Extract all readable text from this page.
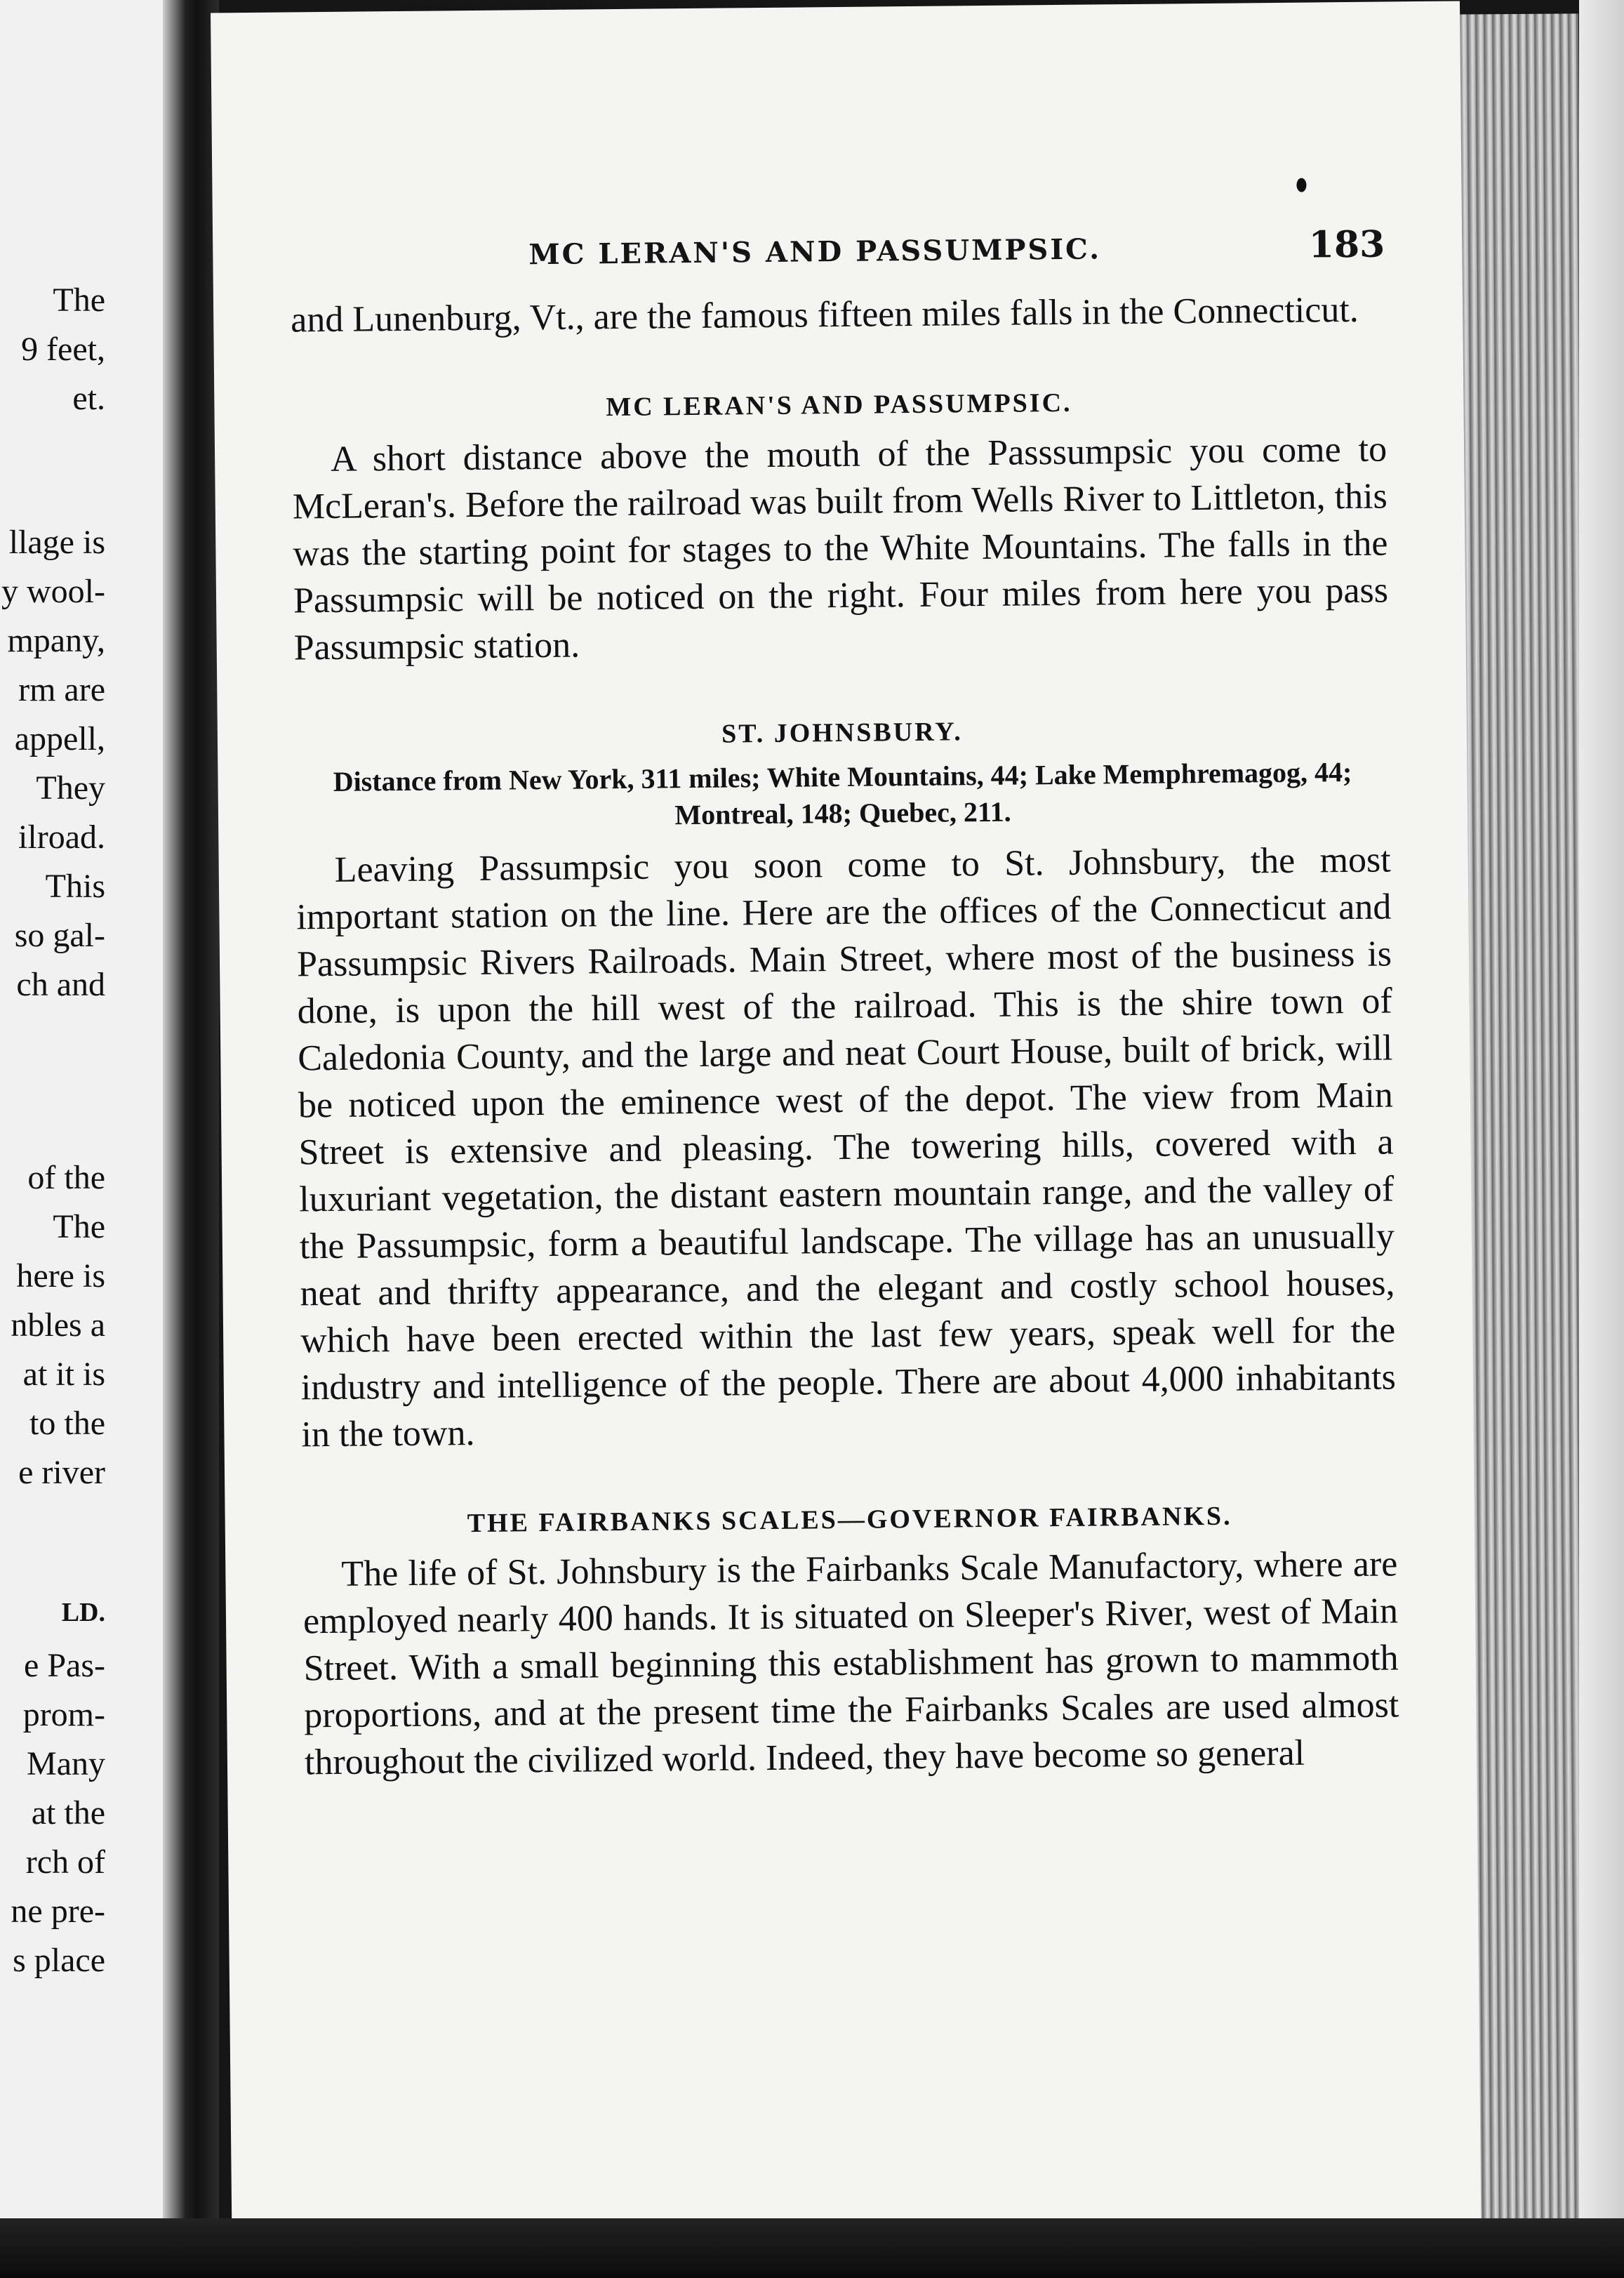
The
9 feet,
et.
llage is
y wool-
mpany,
rm are
appell,
They
ilroad.
This
so gal-
ch and
of the
The
here is
nbles a
at it is
to the
e river
LD.
e Pas-
prom-
Many
at the
rch of
ne pre-
s place
MC LERAN'S AND PASSUMPSIC.	183

and Lunenburg, Vt., are the famous fifteen miles falls in the Connecticut.

MC LERAN'S AND PASSUMPSIC.

A short distance above the mouth of the Passsumpsic you come to McLeran's. Before the railroad was built from Wells River to Littleton, this was the starting point for stages to the White Mountains. The falls in the Passumpsic will be noticed on the right. Four miles from here you pass Passumpsic station.

ST. JOHNSBURY.
Distance from New York, 311 miles; White Mountains, 44; Lake Memphremagog, 44; Montreal, 148; Quebec, 211.

Leaving Passumpsic you soon come to St. Johnsbury, the most important station on the line. Here are the offices of the Connecticut and Passumpsic Rivers Railroads. Main Street, where most of the business is done, is upon the hill west of the railroad. This is the shire town of Caledonia County, and the large and neat Court House, built of brick, will be noticed upon the eminence west of the depot. The view from Main Street is extensive and pleasing. The towering hills, covered with a luxuriant vegetation, the distant eastern mountain range, and the valley of the Passumpsic, form a beautiful landscape. The village has an unusually neat and thrifty appearance, and the elegant and costly school houses, which have been erected within the last few years, speak well for the industry and intelligence of the people. There are about 4,000 inhabitants in the town.

THE FAIRBANKS SCALES—GOVERNOR FAIRBANKS.

The life of St. Johnsbury is the Fairbanks Scale Manufactory, where are employed nearly 400 hands. It is situated on Sleeper's River, west of Main Street. With a small beginning this establishment has grown to mammoth proportions, and at the present time the Fairbanks Scales are used almost throughout the civilized world. Indeed, they have become so general
